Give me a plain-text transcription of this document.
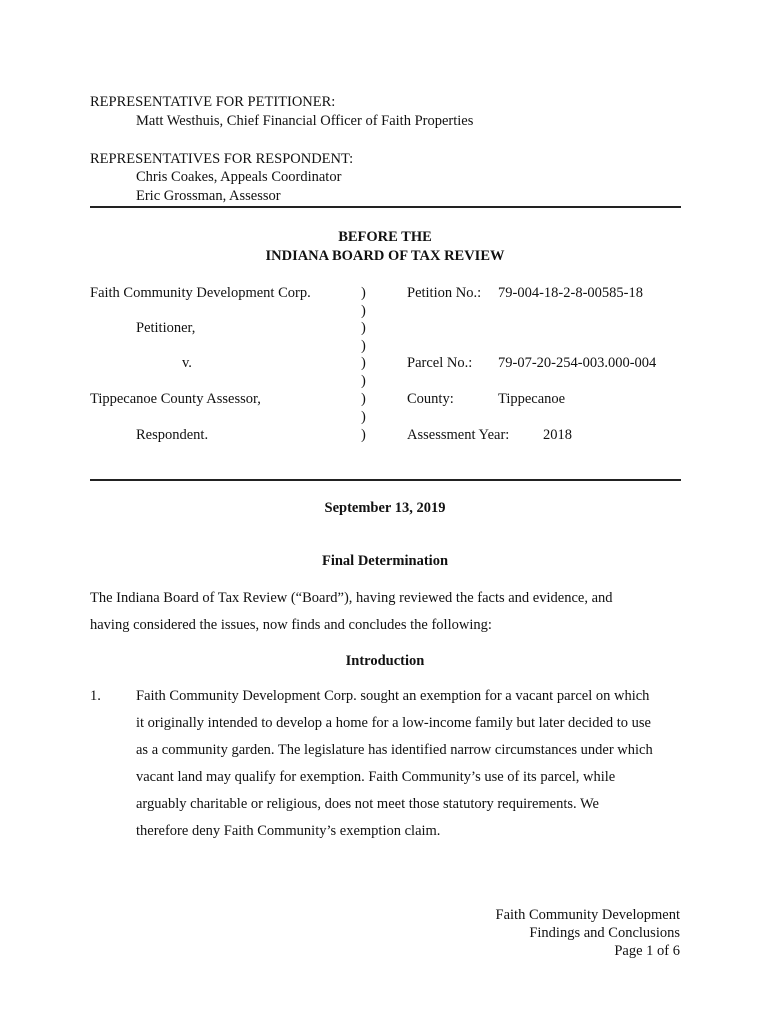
REPRESENTATIVE FOR PETITIONER:
Matt Westhuis, Chief Financial Officer of Faith Properties
REPRESENTATIVES FOR RESPONDENT:
Chris Coakes, Appeals Coordinator
Eric Grossman, Assessor
BEFORE THE
INDIANA BOARD OF TAX REVIEW
Faith Community Development Corp.
Petitioner,
v.
Tippecanoe County Assessor,
Respondent.
)
)
)
)
)
)
)
)
)
Petition No.: 79-004-18-2-8-00585-18
Parcel No.: 79-07-20-254-003.000-004
County:	Tippecanoe
Assessment Year: 2018
September 13, 2019
Final Determination
The Indiana Board of Tax Review (“Board”), having reviewed the facts and evidence, and
having considered the issues, now finds and concludes the following:
Introduction
1. Faith Community Development Corp. sought an exemption for a vacant parcel on which
it originally intended to develop a home for a low-income family but later decided to use
as a community garden. The legislature has identified narrow circumstances under which
vacant land may qualify for exemption. Faith Community’s use of its parcel, while
arguably charitable or religious, does not meet those statutory requirements. We
therefore deny Faith Community’s exemption claim.
Faith Community Development
Findings and Conclusions
Page 1 of 6
